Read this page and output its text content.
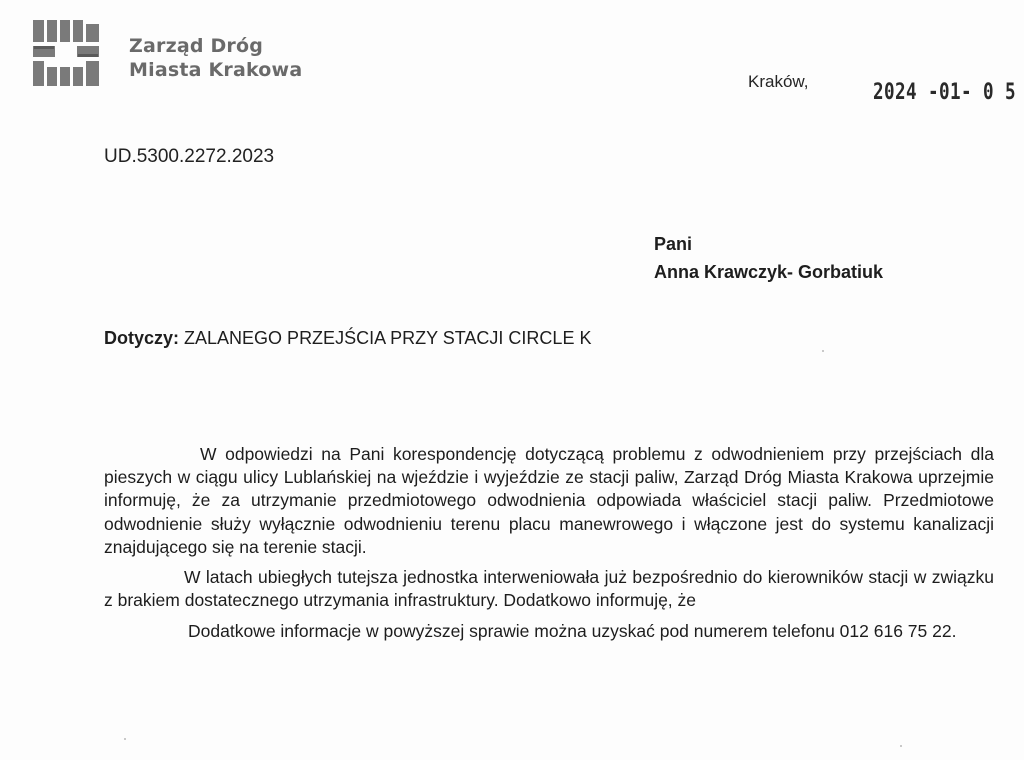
Zarząd Dróg
Miasta Krakowa
Kraków,	2024 -01- 0 5
UD.5300.2272.2023
Pani
Anna Krawczyk- Gorbatiuk
Dotyczy: ZALANEGO PRZEJŚCIA PRZY STACJI CIRCLE K

W odpowiedzi na Pani korespondencję dotyczącą problemu z odwodnieniem przy przejściach dla pieszych w ciągu ulicy Lublańskiej na wjeździe i wyjeździe ze stacji paliw, Zarząd Dróg Miasta Krakowa uprzejmie informuję, że za utrzymanie przedmiotowego odwodnienia odpowiada właściciel stacji paliw. Przedmiotowe odwodnienie służy wyłącznie odwodnieniu terenu placu manewrowego i włączone jest do systemu kanalizacji znajdującego się na terenie stacji.

W latach ubiegłych tutejsza jednostka interweniowała już bezpośrednio do kierowników stacji w związku z brakiem dostatecznego utrzymania infrastruktury. Dodatkowo informuję, że

Dodatkowe informacje w powyższej sprawie można uzyskać pod numerem telefonu 012 616 75 22.
